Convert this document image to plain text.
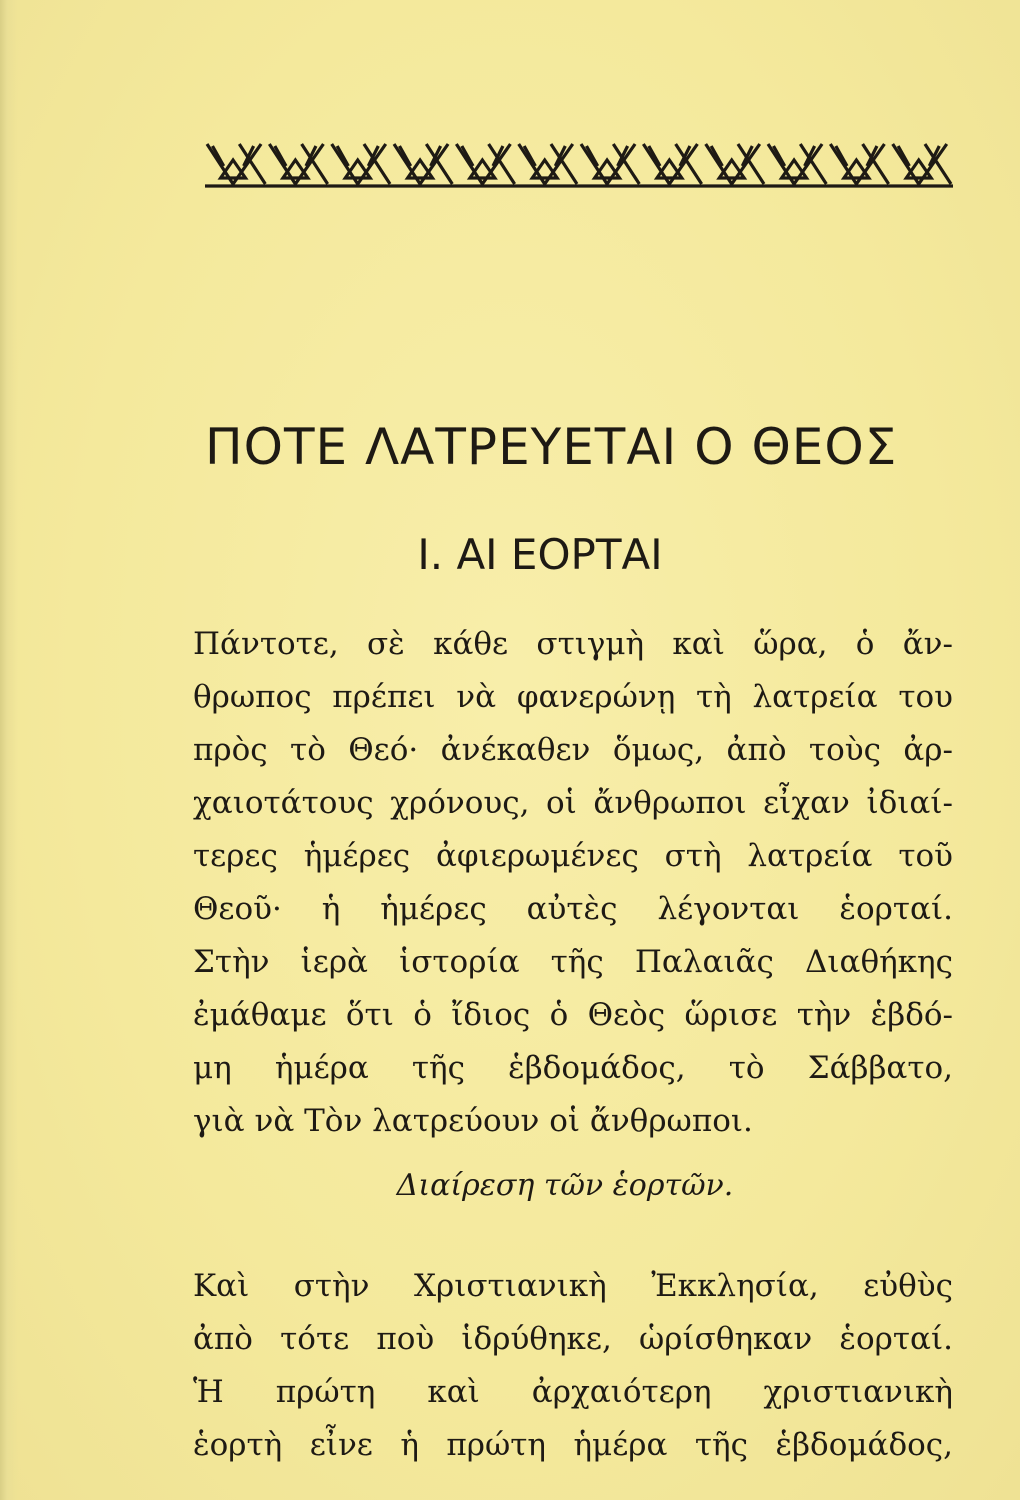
ΠΟΤΕ ΛΑΤΡΕΥΕΤΑΙ Ο ΘΕΟΣ
Ι. ΑΙ ΕΟΡΤΑΙ
Πάντοτε, σὲ κάθε στιγμὴ καὶ ὥρα, ὁ ἄν-
θρωπος πρέπει νὰ φανερώνῃ τὴ λατρεία του
πρὸς τὸ Θεό· ἀνέκαθεν ὅμως, ἀπὸ τοὺς ἀρ-
χαιοτάτους χρόνους, οἱ ἄνθρωποι εἶχαν ἰδιαί-
τερες ἡμέρες ἀφιερωμένες στὴ λατρεία τοῦ
Θεοῦ· ἡ ἡμέρες αὐτὲς λέγονται ἑορταί.
Στὴν ἱερὰ ἱστορία τῆς Παλαιᾶς Διαθήκης
ἐμάθαμε ὅτι ὁ ἴδιος ὁ Θεὸς ὥρισε τὴν ἑβδό-
μη ἡμέρα τῆς ἑβδομάδος, τὸ Σάββατο,
γιὰ νὰ Τὸν λατρεύουν οἱ ἄνθρωποι.
Διαίρεση τῶν ἑορτῶν.
Καὶ στὴν Χριστιανικὴ Ἐκκλησία, εὐθὺς
ἀπὸ τότε ποὺ ἱδρύθηκε, ὡρίσθηκαν ἑορταί.
Ἡ πρώτη καὶ ἀρχαιότερη χριστιανικὴ
ἑορτὴ εἶνε ἡ πρώτη ἡμέρα τῆς ἑβδομάδος,
